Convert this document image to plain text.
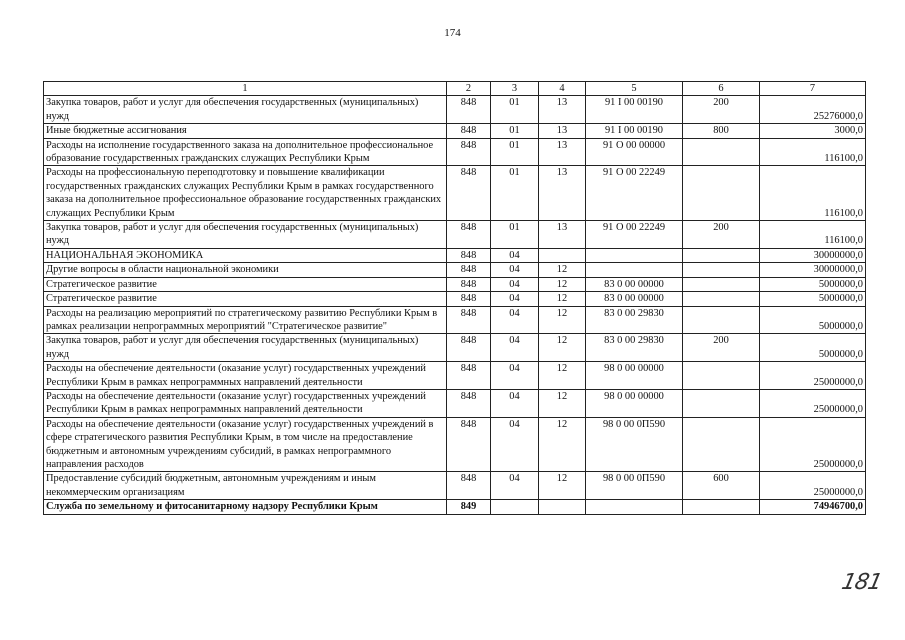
174
1	2	3	4	5	6	7
Закупка товаров, работ и услуг для обеспечения государственных (муниципальных) нужд	848	01	13	91 I 00 00190	200	25276000,0
Иные бюджетные ассигнования	848	01	13	91 I 00 00190	800	3000,0
Расходы на исполнение государственного заказа на дополнительное профессиональное образование государственных гражданских служащих Республики Крым	848	01	13	91 О 00 00000		116100,0
Расходы на профессиональную переподготовку и повышение квалификации государственных гражданских служащих Республики Крым в рамках государственного заказа на дополнительное профессиональное образование государственных гражданских служащих Республики Крым	848	01	13	91 О 00 22249		116100,0
Закупка товаров, работ и услуг для обеспечения государственных (муниципальных) нужд	848	01	13	91 О 00 22249	200	116100,0
НАЦИОНАЛЬНАЯ ЭКОНОМИКА	848	04				30000000,0
Другие вопросы в области национальной экономики	848	04	12			30000000,0
Стратегическое развитие	848	04	12	83 0 00 00000		5000000,0
Стратегическое развитие	848	04	12	83 0 00 00000		5000000,0
Расходы на реализацию мероприятий по стратегическому развитию Республики Крым в рамках реализации непрограммных мероприятий "Стратегическое развитие"	848	04	12	83 0 00 29830		5000000,0
Закупка товаров, работ и услуг для обеспечения государственных (муниципальных) нужд	848	04	12	83 0 00 29830	200	5000000,0
Расходы на обеспечение деятельности (оказание услуг) государственных учреждений Республики Крым в рамках непрограммных направлений деятельности	848	04	12	98 0 00 00000		25000000,0
Расходы на обеспечение деятельности (оказание услуг) государственных учреждений Республики Крым в рамках непрограммных направлений деятельности	848	04	12	98 0 00 00000		25000000,0
Расходы на обеспечение деятельности (оказание услуг) государственных учреждений в сфере стратегического развития Республики Крым, в том числе на предоставление бюджетным и автономным учреждениям субсидий, в рамках непрограммного направления расходов	848	04	12	98 0 00 0П590		25000000,0
Предоставление субсидий бюджетным, автономным учреждениям и иным некоммерческим организациям	848	04	12	98 0 00 0П590	600	25000000,0
Служба по земельному и фитосанитарному надзору Республики Крым	849					74946700,0
181
